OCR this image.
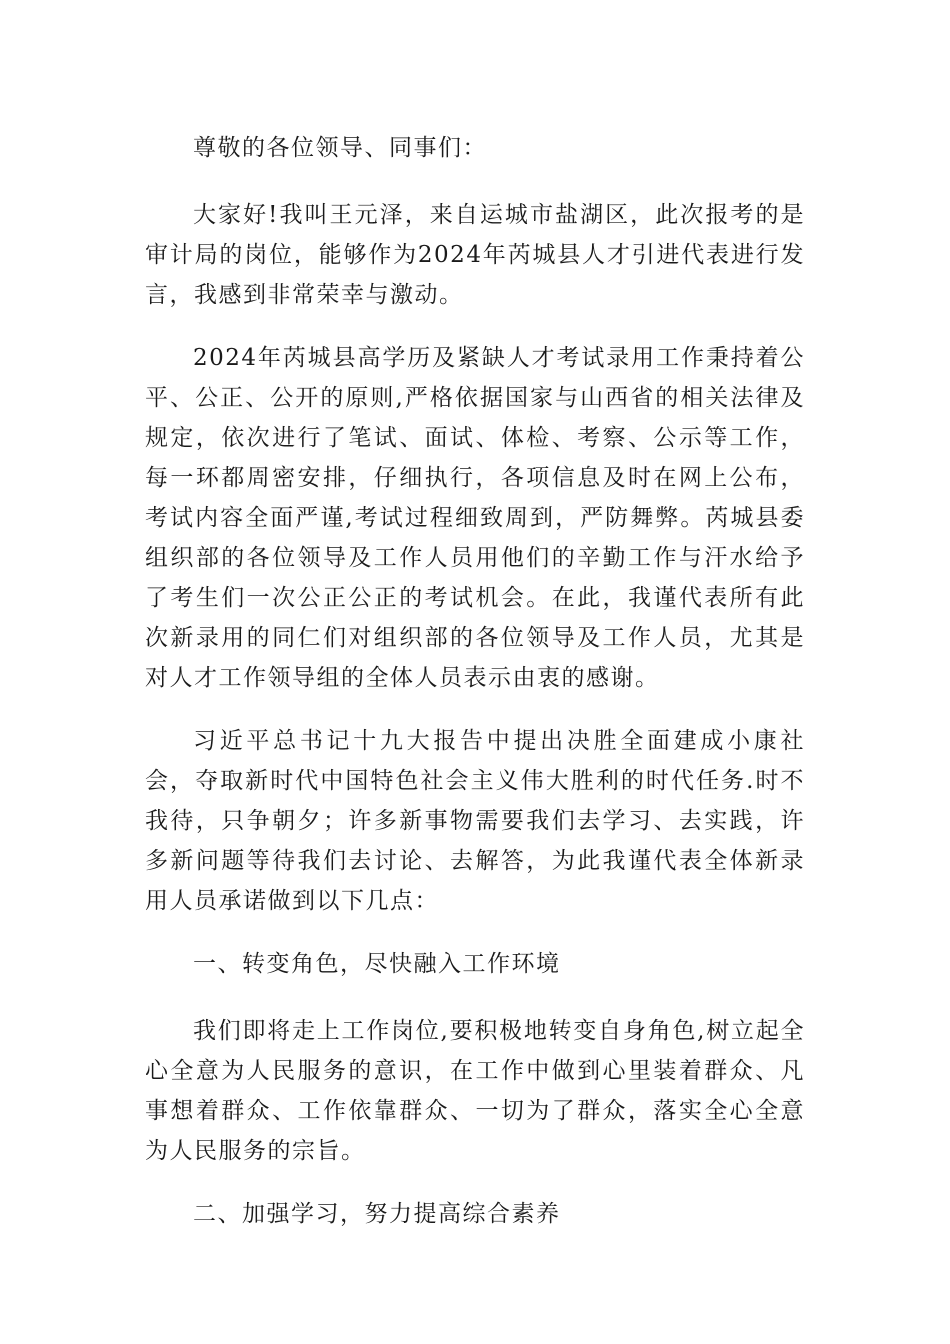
尊敬的各位领导、同事们：

大家好!我叫王元泽，来自运城市盐湖区，此次报考的是审计局的岗位，能够作为2024年芮城县人才引进代表进行发言，我感到非常荣幸与激动。

2024年芮城县高学历及紧缺人才考试录用工作秉持着公平、公正、公开的原则,严格依据国家与山西省的相关法律及规定，依次进行了笔试、面试、体检、考察、公示等工作，每一环都周密安排，仔细执行，各项信息及时在网上公布，考试内容全面严谨,考试过程细致周到，严防舞弊。芮城县委组织部的各位领导及工作人员用他们的辛勤工作与汗水给予了考生们一次公正公正的考试机会。在此，我谨代表所有此次新录用的同仁们对组织部的各位领导及工作人员，尤其是对人才工作领导组的全体人员表示由衷的感谢。

习近平总书记十九大报告中提出决胜全面建成小康社会，夺取新时代中国特色社会主义伟大胜利的时代任务.时不我待，只争朝夕；许多新事物需要我们去学习、去实践，许多新问题等待我们去讨论、去解答，为此我谨代表全体新录用人员承诺做到以下几点：

一、转变角色，尽快融入工作环境

我们即将走上工作岗位,要积极地转变自身角色,树立起全心全意为人民服务的意识，在工作中做到心里装着群众、凡事想着群众、工作依靠群众、一切为了群众，落实全心全意为人民服务的宗旨。

二、加强学习，努力提高综合素养
